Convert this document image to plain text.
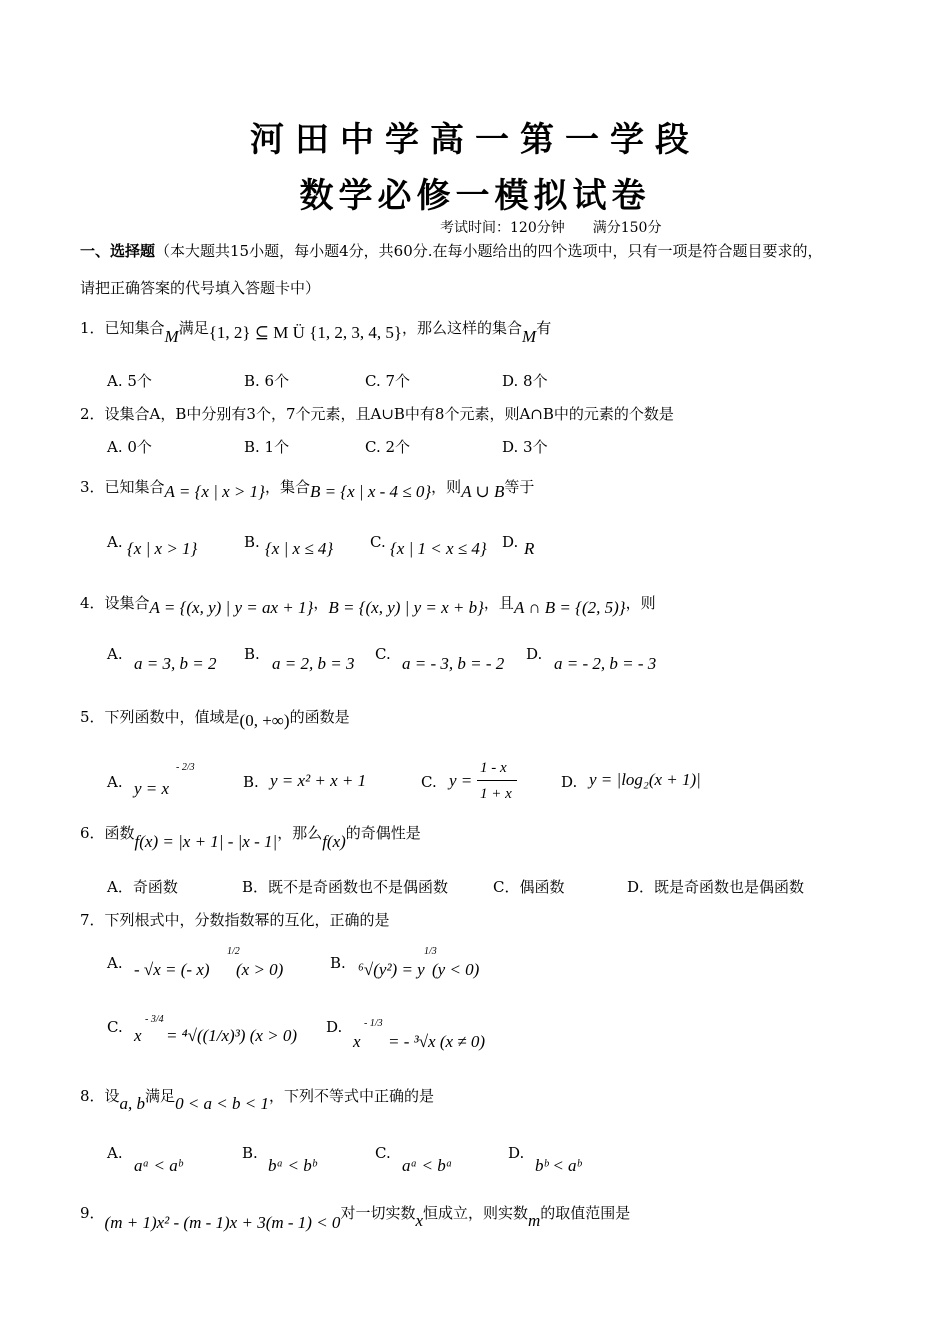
河田中学高一第一学段
数学必修一模拟试卷
考试时间：120分钟　　满分150分
一、选择题（本大题共15小题，每小题4分，共60分.在每小题给出的四个选项中，只有一项是符合题目要求的，
请把正确答案的代号填入答题卡中）
1．已知集合M满足{1, 2} ⊆ M Ü {1, 2, 3, 4, 5}，那么这样的集合M有
A. 5个	B. 6个	C. 7个	D. 8个
2．设集合A，B中分别有3个，7个元素，且A∪B中有8个元素，则A∩B中的元素的个数是
A. 0个	B. 1个	C. 2个	D. 3个
3．已知集合A = {x | x > 1}，集合B = {x | x - 4 ≤ 0}，则A ∪ B等于
A. {x | x > 1}	B. {x | x ≤ 4} C. {x | 1 < x ≤ 4} D. R
4．设集合A = {(x, y) | y = ax + 1}，B = {(x, y) | y = x + b}，且A ∩ B = {(2, 5)}，则
A. a = 3, b = 2 B. a = 2, b = 3 C. a = - 3, b = - 2 D. a = - 2, b = - 3
5．下列函数中，值域是(0, +∞)的函数是
A. y = x
- 2/3
B. y = x² + x + 1	C. y =
1 - x
1 + x
D. y = |log₂(x + 1)|
6．函数f(x) = |x + 1| - |x - 1|，那么f(x)的奇偶性是
A．奇函数	B．既不是奇函数也不是偶函数	C．偶函数	D．既是奇函数也是偶函数
7．下列根式中，分数指数幂的互化，正确的是
A. - √x = (- x)
1/2
(x > 0)	B. ⁶√(y²) = y
1/3
(y < 0)
C. x
- 3/4
= ⁴√((1/x)³) (x > 0) D.
x
- 1/3
= - ³√x (x ≠ 0)
8．设a, b满足0 < a < b < 1，下列不等式中正确的是
A.
aᵃ < aᵇ
B.
bᵃ < bᵇ
C.
aᵃ < bᵃ
D.
bᵇ < aᵇ
9．(m + 1)x² - (m - 1)x + 3(m - 1) < 0对一切实数x恒成立，则实数m的取值范围是
